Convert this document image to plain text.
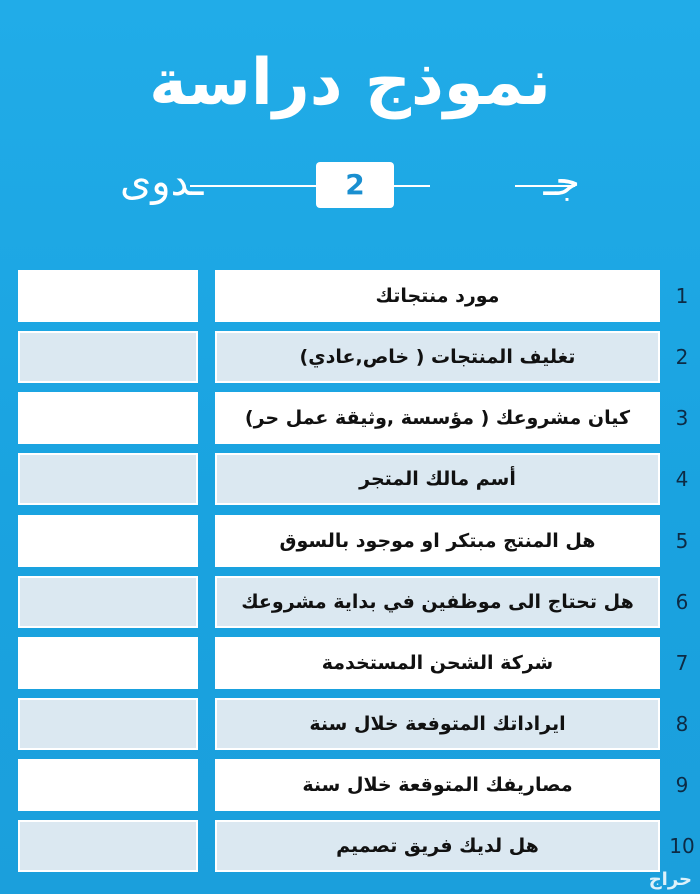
نموذج دراسة
جـ
ـدوى	2
1
مورد منتجاتك
2
تغليف المنتجات ( خاص,عادي)
3
كيان مشروعك ( مؤسسة ,وثيقة عمل حر)
4
أسم مالك المتجر
5
هل المنتج مبتكر او موجود بالسوق
6
هل تحتاج الى موظفين في بداية مشروعك
7
شركة الشحن المستخدمة
8
ايراداتك المتوفعة خلال سنة
9
مصاريفك المتوقعة خلال سنة
10
هل لديك فريق تصميم
حراج
